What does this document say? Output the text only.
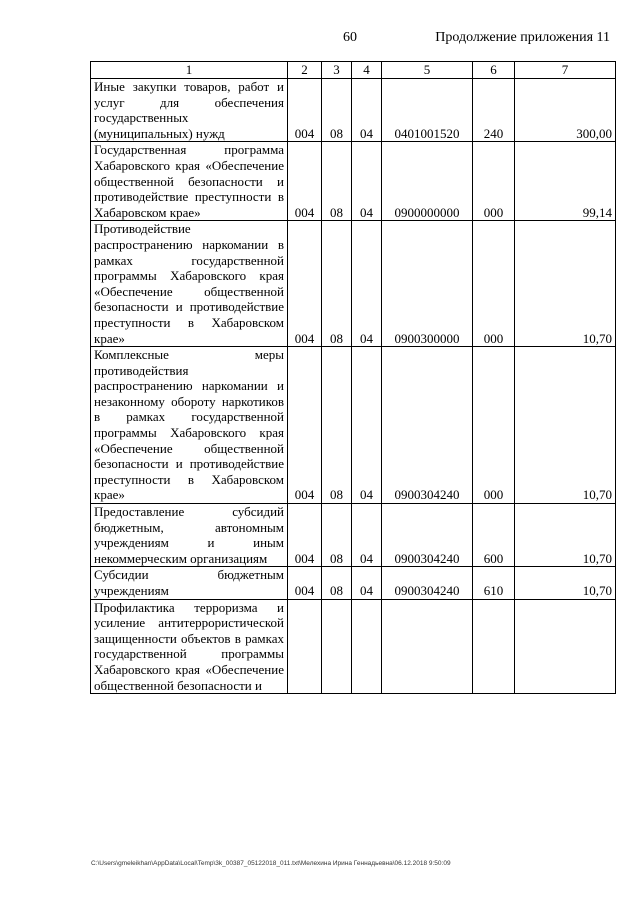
60	Продолжение приложения 11
1	2	3	4	5	6	7
Иные закупки товаров, работ и услуг для обеспечения государственных (муниципальных) нужд	004	08	04	0401001520	240	300,00
Государственная программа Хабаровского края «Обеспечение общественной безопасности и противодействие преступности в Хабаровском крае»	004	08	04	0900000000	000	99,14
Противодействие распространению наркомании в рамках государственной программы Хабаровского края «Обеспечение общественной безопасности и противодействие преступности в Хабаровском крае»	004	08	04	0900300000	000	10,70
Комплексные меры противодействия распространению наркомании и незаконному обороту наркотиков в рамках государственной программы Хабаровского края «Обеспечение общественной безопасности и противодействие преступности в Хабаровском крае»	004	08	04	0900304240	000	10,70
Предоставление субсидий бюджетным, автономным учреждениям и иным некоммерческим организациям	004	08	04	0900304240	600	10,70
Субсидии бюджетным учреждениям	004	08	04	0900304240	610	10,70
Профилактика терроризма и усиление антитеррористической защищенности объектов в рамках государственной программы Хабаровского края «Обеспечение общественной безопасности и						
C:\Users\gmeleikhan\AppData\Local\Temp\3k_00387_05122018_011.txt\Мелехина Ирина Геннадьевна\06.12.2018 9:50:09
